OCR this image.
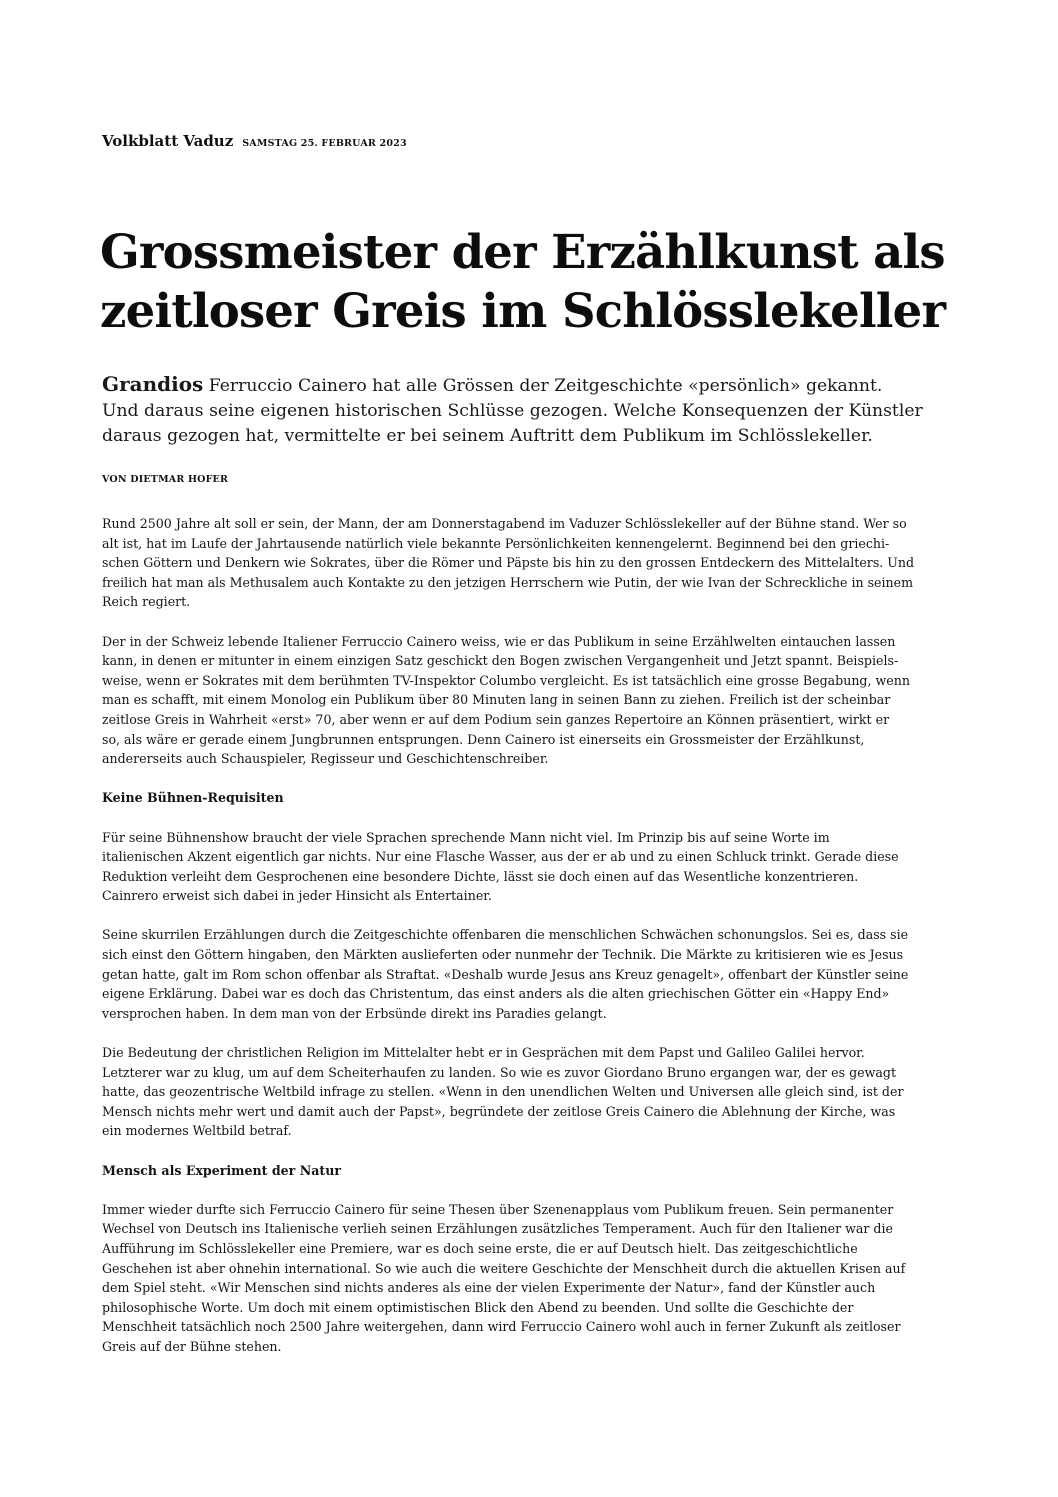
Volkblatt Vaduz SAMSTAG 25. FEBRUAR 2023
Grossmeister der Erzählkunst als
zeitloser Greis im Schlösslekeller
Grandios Ferruccio Cainero hat alle Grössen der Zeitgeschichte «persönlich» gekannt.
Und daraus seine eigenen historischen Schlüsse gezogen. Welche Konsequenzen der Künstler
daraus gezogen hat, vermittelte er bei seinem Auftritt dem Publikum im Schlösslekeller.
VON DIETMAR HOFER

Rund 2500 Jahre alt soll er sein, der Mann, der am Donnerstagabend im Vaduzer Schlösslekeller auf der Bühne stand. Wer so
alt ist, hat im Laufe der Jahrtausende natürlich viele bekannte Persönlichkeiten kennengelernt. Beginnend bei den griechi-
schen Göttern und Denkern wie Sokrates, über die Römer und Päpste bis hin zu den grossen Entdeckern des Mittelalters. Und
freilich hat man als Methusalem auch Kontakte zu den jetzigen Herrschern wie Putin, der wie Ivan der Schreckliche in seinem
Reich regiert.

Der in der Schweiz lebende Italiener Ferruccio Cainero weiss, wie er das Publikum in seine Erzählwelten eintauchen lassen
kann, in denen er mitunter in einem einzigen Satz geschickt den Bogen zwischen Vergangenheit und Jetzt spannt. Beispiels-
weise, wenn er Sokrates mit dem berühmten TV-Inspektor Columbo vergleicht. Es ist tatsächlich eine grosse Begabung, wenn
man es schafft, mit einem Monolog ein Publikum über 80 Minuten lang in seinen Bann zu ziehen. Freilich ist der scheinbar
zeitlose Greis in Wahrheit «erst» 70, aber wenn er auf dem Podium sein ganzes Repertoire an Können präsentiert, wirkt er
so, als wäre er gerade einem Jungbrunnen entsprungen. Denn Cainero ist einerseits ein Grossmeister der Erzählkunst,
andererseits auch Schauspieler, Regisseur und Geschichtenschreiber.

Keine Bühnen-Requisiten

Für seine Bühnenshow braucht der viele Sprachen sprechende Mann nicht viel. Im Prinzip bis auf seine Worte im
italienischen Akzent eigentlich gar nichts. Nur eine Flasche Wasser, aus der er ab und zu einen Schluck trinkt. Gerade diese
Reduktion verleiht dem Gesprochenen eine besondere Dichte, lässt sie doch einen auf das Wesentliche konzentrieren.
Cainrero erweist sich dabei in jeder Hinsicht als Entertainer.

Seine skurrilen Erzählungen durch die Zeitgeschichte offenbaren die menschlichen Schwächen schonungslos. Sei es, dass sie
sich einst den Göttern hingaben, den Märkten auslieferten oder nunmehr der Technik. Die Märkte zu kritisieren wie es Jesus
getan hatte, galt im Rom schon offenbar als Straftat. «Deshalb wurde Jesus ans Kreuz genagelt», offenbart der Künstler seine
eigene Erklärung. Dabei war es doch das Christentum, das einst anders als die alten griechischen Götter ein «Happy End»
versprochen haben. In dem man von der Erbsünde direkt ins Paradies gelangt.

Die Bedeutung der christlichen Religion im Mittelalter hebt er in Gesprächen mit dem Papst und Galileo Galilei hervor.
Letzterer war zu klug, um auf dem Scheiterhaufen zu landen. So wie es zuvor Giordano Bruno ergangen war, der es gewagt
hatte, das geozentrische Weltbild infrage zu stellen. «Wenn in den unendlichen Welten und Universen alle gleich sind, ist der
Mensch nichts mehr wert und damit auch der Papst», begründete der zeitlose Greis Cainero die Ablehnung der Kirche, was
ein modernes Weltbild betraf.

Mensch als Experiment der Natur

Immer wieder durfte sich Ferruccio Cainero für seine Thesen über Szenenapplaus vom Publikum freuen. Sein permanenter
Wechsel von Deutsch ins Italienische verlieh seinen Erzählungen zusätzliches Temperament. Auch für den Italiener war die
Aufführung im Schlösslekeller eine Premiere, war es doch seine erste, die er auf Deutsch hielt. Das zeitgeschichtliche
Geschehen ist aber ohnehin international. So wie auch die weitere Geschichte der Menschheit durch die aktuellen Krisen auf
dem Spiel steht. «Wir Menschen sind nichts anderes als eine der vielen Experimente der Natur», fand der Künstler auch
philosophische Worte. Um doch mit einem optimistischen Blick den Abend zu beenden. Und sollte die Geschichte der
Menschheit tatsächlich noch 2500 Jahre weitergehen, dann wird Ferruccio Cainero wohl auch in ferner Zukunft als zeitloser
Greis auf der Bühne stehen.
